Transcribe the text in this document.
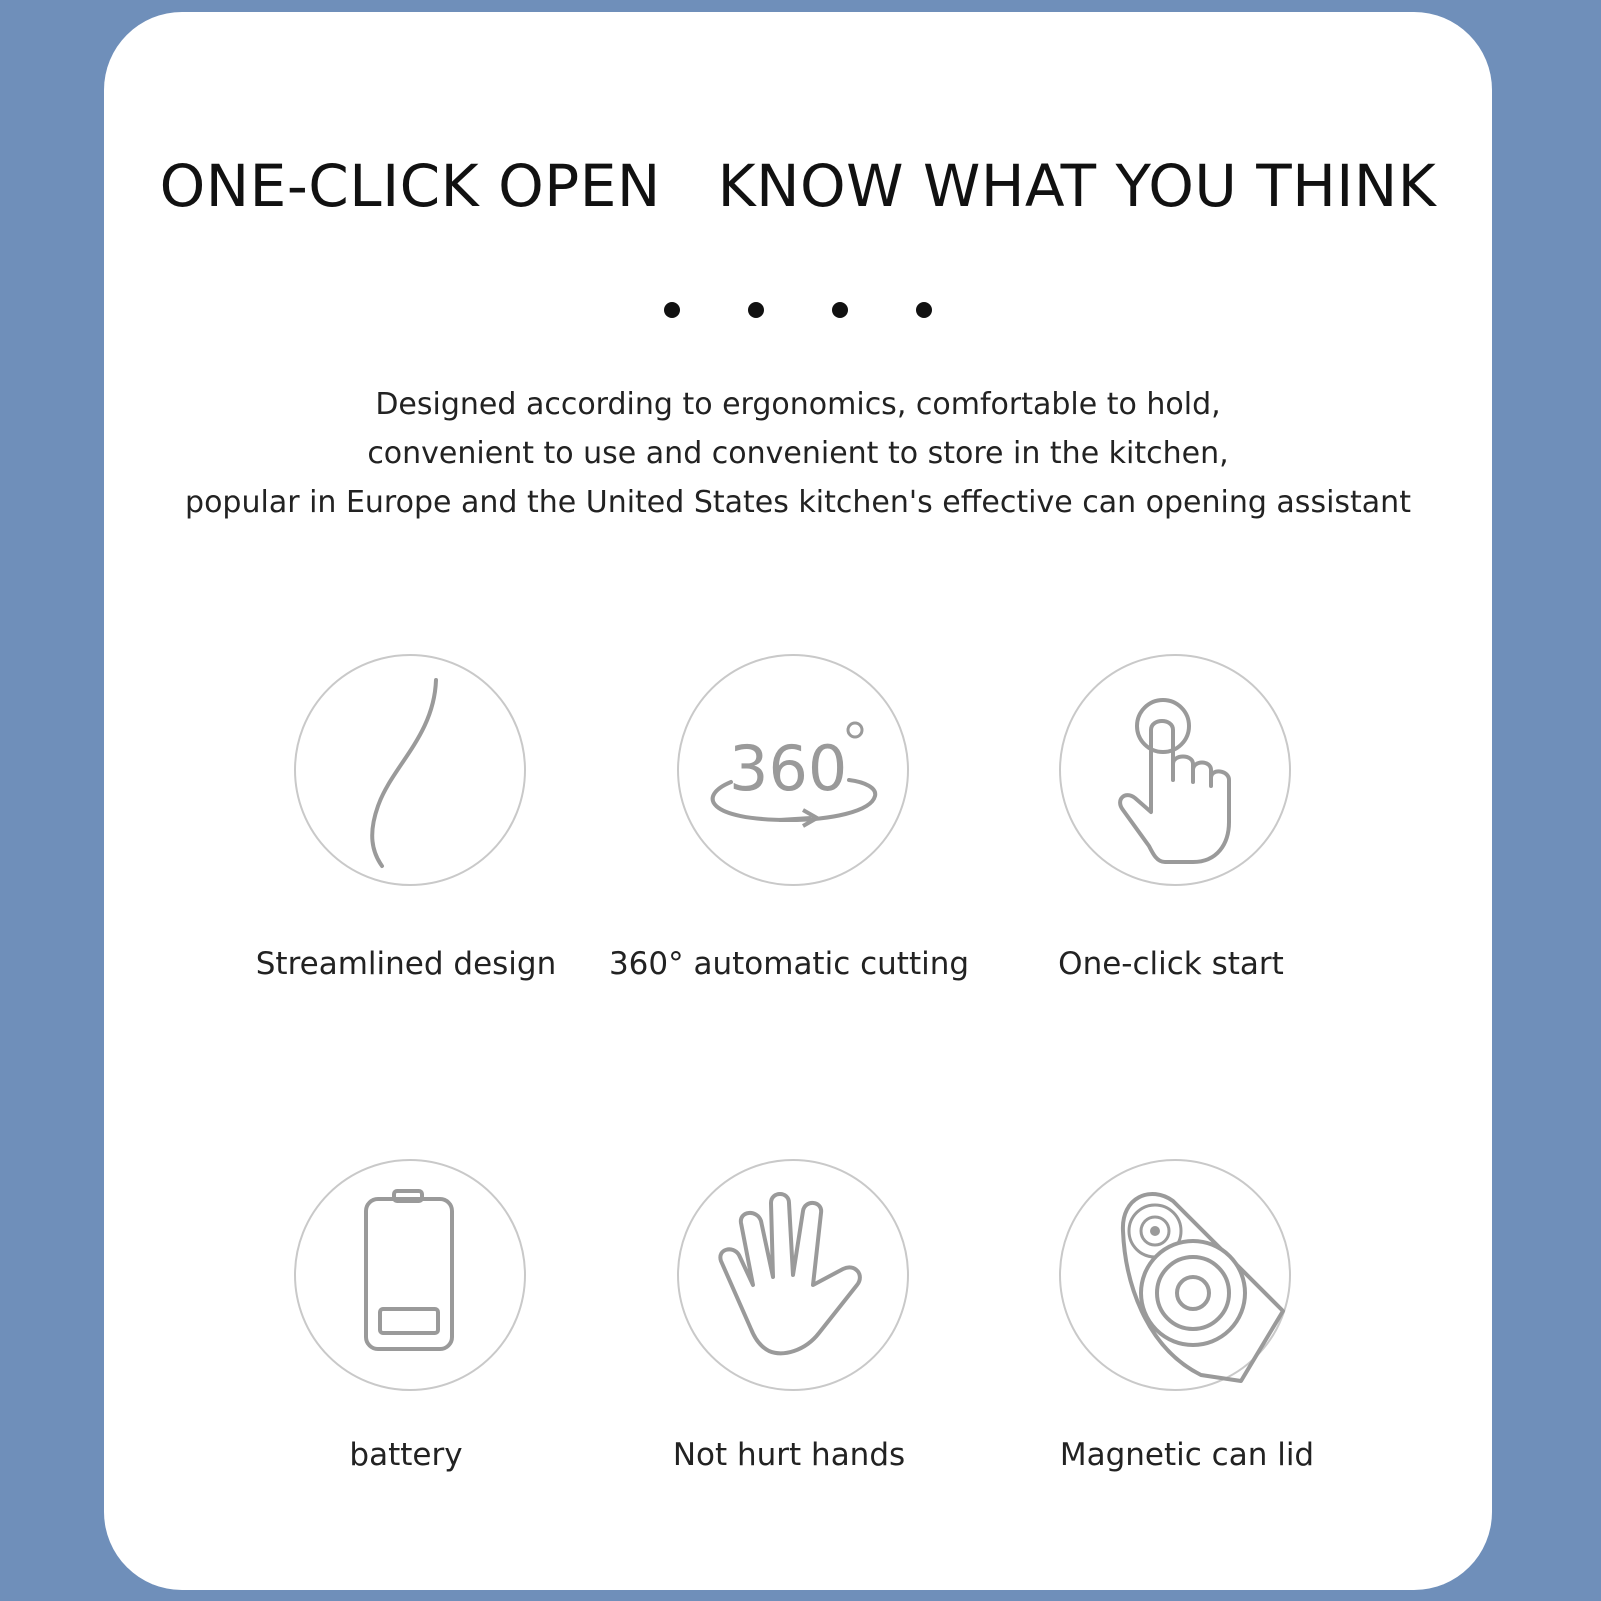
ONE-CLICK OPEN   KNOW WHAT YOU THINK
Designed according to ergonomics, comfortable to hold,
convenient to use and convenient to store in the kitchen,
popular in Europe and the United States kitchen's effective can opening assistant
Streamlined design
360
360° automatic cutting	One-click start
battery	Not hurt hands	Magnetic can lid
